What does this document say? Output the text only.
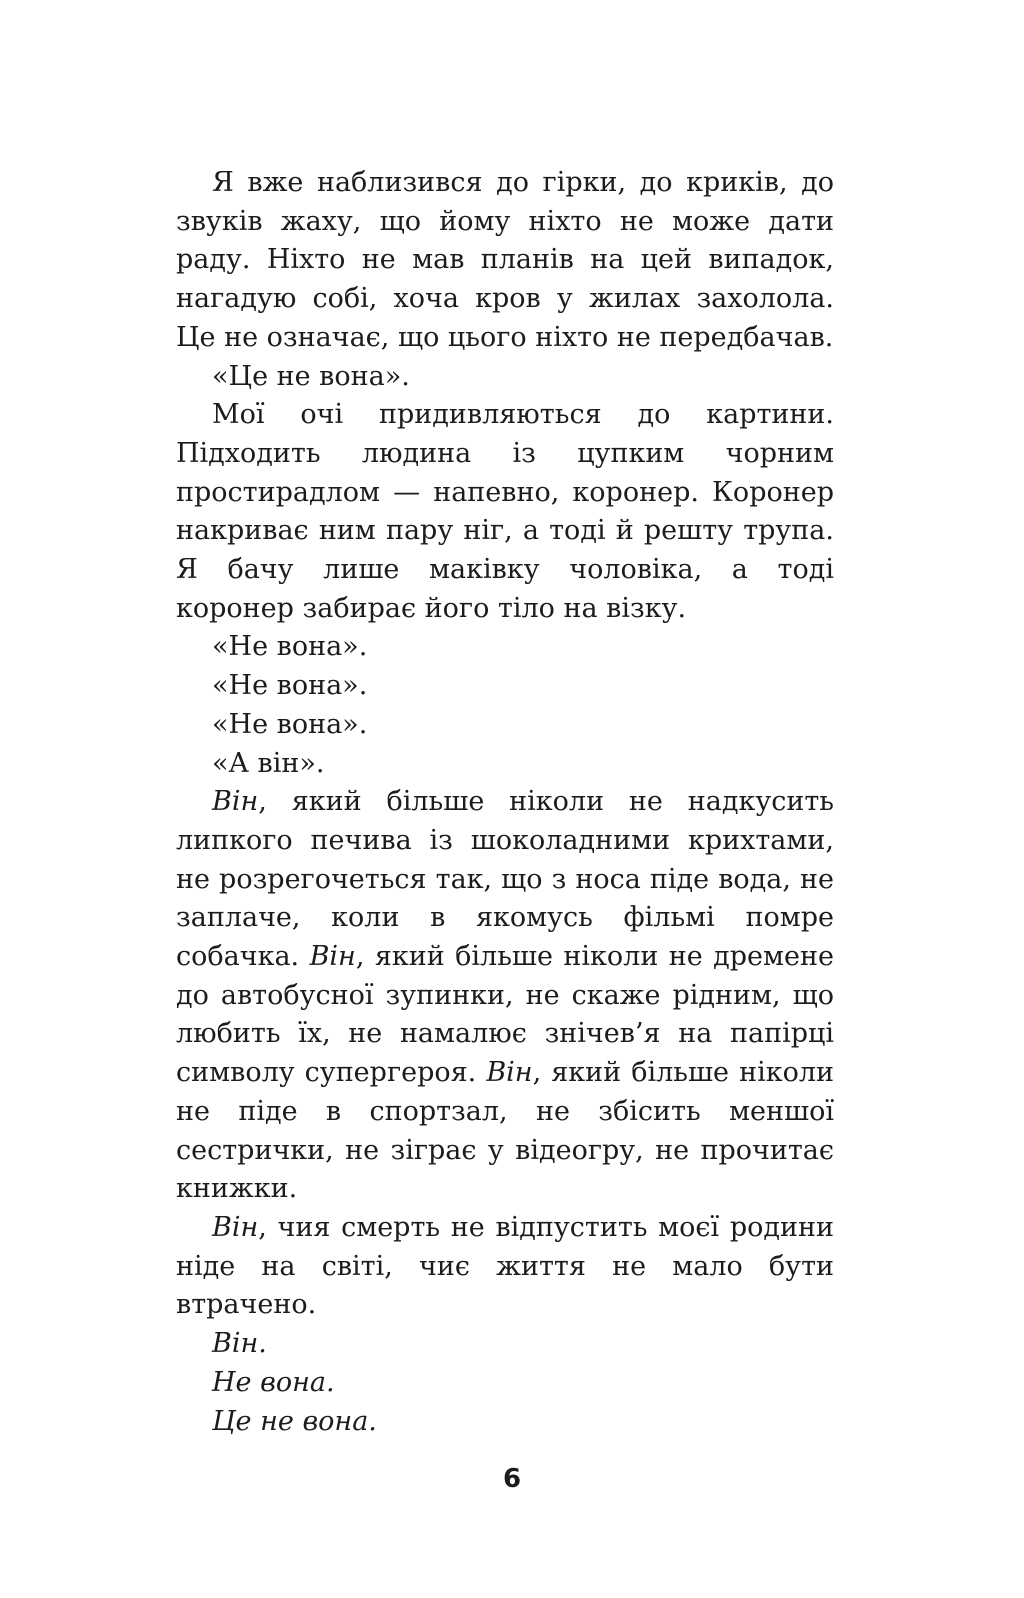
Я вже наблизився до гірки, до криків, до звуків жаху, що йому ніхто не може дати раду. Ніхто не мав планів на цей випадок, нагадую собі, хоча кров у жилах захолола. Це не означає, що цього ніхто не передбачав.

«Це не вона».

Мої очі придивляються до картини. Підходить людина із цупким чорним простирадлом — напевно, коронер. Коронер накриває ним пару ніг, а тоді й решту трупа. Я бачу лише маківку чоловіка, а тоді коронер забирає його тіло на візку.

«Не вона».

«Не вона».

«Не вона».

«А він».

Він, який більше ніколи не надкусить липкого печива із шоколадними крихтами, не розрегочеться так, що з носа піде вода, не заплаче, коли в якомусь фільмі помре собачка. Він, який більше ніколи не дремене до автобусної зупинки, не скаже рідним, що любить їх, не намалює знічев’я на папірці символу супергероя. Він, який більше ніколи не піде в спортзал, не збісить меншої сестрички, не зіграє у відеогру, не прочитає книжки.

Він, чия смерть не відпустить моєї родини ніде на світі, чиє життя не мало бути втрачено.

Він.

Не вона.

Це не вона.

6
